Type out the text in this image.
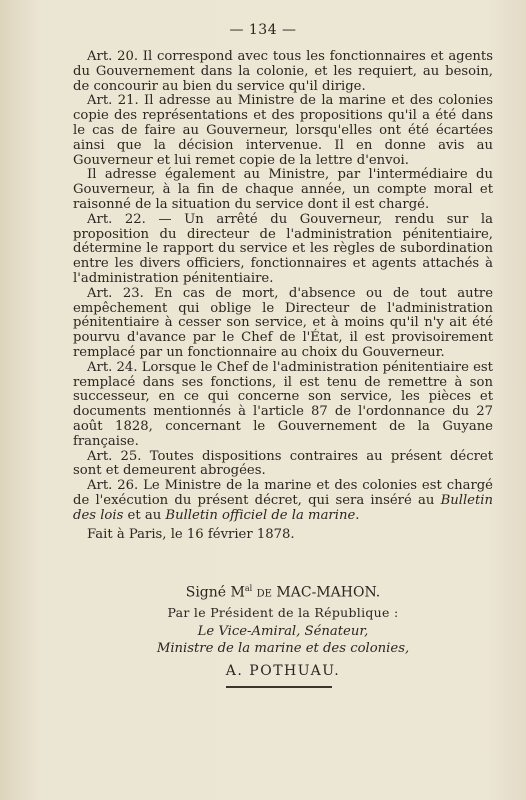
— 134 —

Art. 20. Il correspond avec tous les fonctionnaires et agents du Gouvernement dans la colonie, et les requiert, au besoin, de concourir au bien du service qu'il dirige.

Art. 21. Il adresse au Ministre de la marine et des colonies copie des représentations et des propositions qu'il a été dans le cas de faire au Gouverneur, lorsqu'elles ont été écartées ainsi que la décision intervenue. Il en donne avis au Gouverneur et lui remet copie de la lettre d'envoi.

Il adresse également au Ministre, par l'intermédiaire du Gouverneur, à la fin de chaque année, un compte moral et raisonné de la situation du service dont il est chargé.

Art. 22. — Un arrêté du Gouverneur, rendu sur la proposition du directeur de l'administration pénitentiaire, détermine le rapport du service et les règles de subordination entre les divers officiers, fonctionnaires et agents attachés à l'administration pénitentiaire.

Art. 23. En cas de mort, d'absence ou de tout autre empêchement qui oblige le Directeur de l'administration pénitentiaire à cesser son service, et à moins qu'il n'y ait été pourvu d'avance par le Chef de l'État, il est provisoirement remplacé par un fonctionnaire au choix du Gouverneur.

Art. 24. Lorsque le Chef de l'administration pénitentiaire est remplacé dans ses fonctions, il est tenu de remettre à son successeur, en ce qui concerne son service, les pièces et documents mentionnés à l'article 87 de l'ordonnance du 27 août 1828, concernant le Gouvernement de la Guyane française.

Art. 25. Toutes dispositions contraires au présent décret sont et demeurent abrogées.

Art. 26. Le Ministre de la marine et des colonies est chargé de l'exécution du présent décret, qui sera inséré au Bulletin des lois et au Bulletin officiel de la marine.

Fait à Paris, le 16 février 1878.

Signé $M^{al}$ de MAC-MAHON.
Par le Président de la République :
Le Vice-Amiral, Sénateur,
Ministre de la marine et des colonies,
A. POTHUAU.
